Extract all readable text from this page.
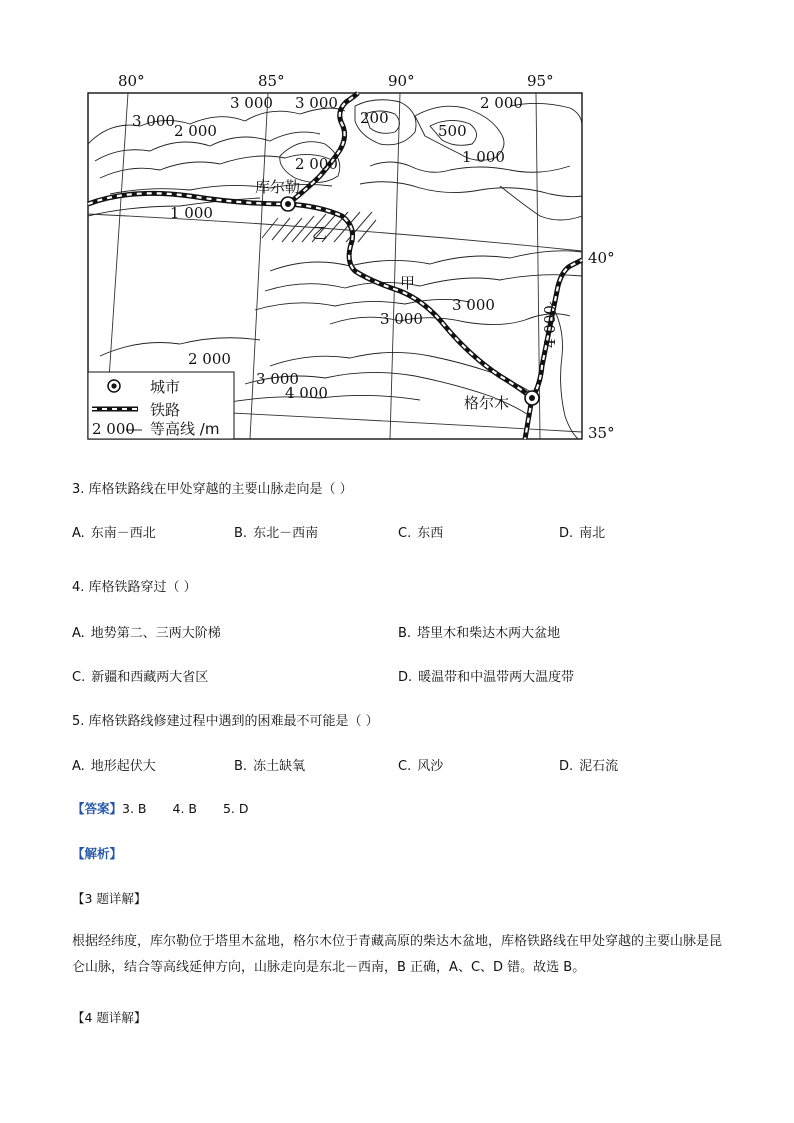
80°	85°	90°	95°
40°
35°
库尔勒
格尔木
甲
乙
3 000 3 000
3 000
2 000
200
500
1 000
2 000
1 000
2 000
3 000
3 000
4 000
2 000
3 000
4 000
城市
铁路
2 000 等高线 /m
3. 库格铁路线在甲处穿越的主要山脉走向是（ ）
A. 东南－西北	B. 东北－西南	C. 东西	D. 南北
4. 库格铁路穿过（ ）
A. 地势第二、三两大阶梯	B. 塔里木和柴达木两大盆地
C. 新疆和西藏两大省区	D. 暖温带和中温带两大温度带
5. 库格铁路线修建过程中遇到的困难最不可能是（ ）
A. 地形起伏大	B. 冻土缺氧	C. 风沙	D. 泥石流
【答案】3. B 4. B 5. D
【解析】
【3 题详解】
根据经纬度，库尔勒位于塔里木盆地，格尔木位于青藏高原的柴达木盆地，库格铁路线在甲处穿越的主要山脉是昆仑山脉，结合等高线延伸方向，山脉走向是东北－西南，B 正确，A、C、D 错。故选 B。
【4 题详解】
